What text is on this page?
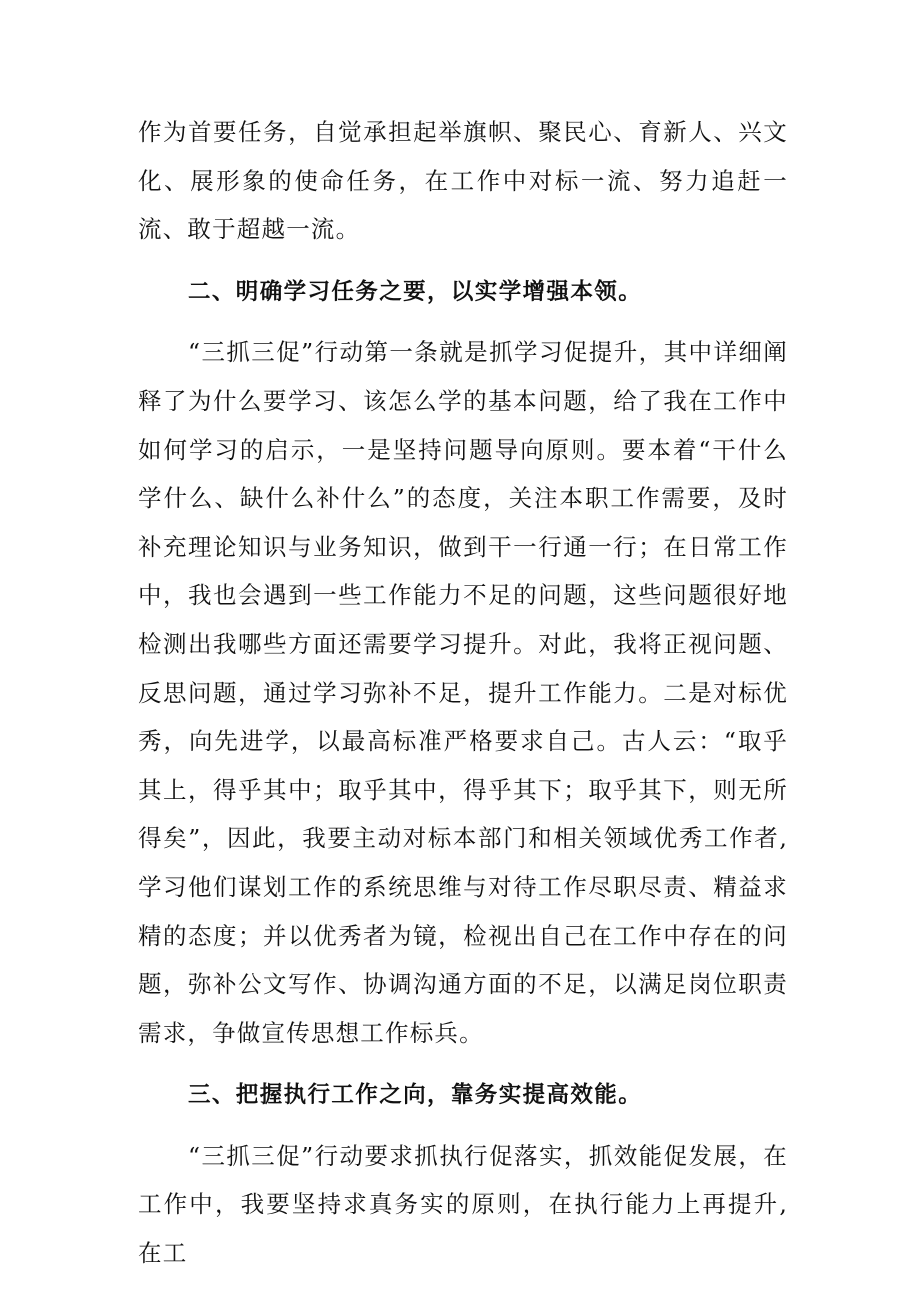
作为首要任务，自觉承担起举旗帜、聚民心、育新人、兴文化、展形象的使命任务，在工作中对标一流、努力追赶一流、敢于超越一流。

二、明确学习任务之要，以实学增强本领。

“三抓三促”行动第一条就是抓学习促提升，其中详细阐释了为什么要学习、该怎么学的基本问题，给了我在工作中如何学习的启示，一是坚持问题导向原则。要本着“干什么学什么、缺什么补什么”的态度，关注本职工作需要，及时补充理论知识与业务知识，做到干一行通一行；在日常工作中，我也会遇到一些工作能力不足的问题，这些问题很好地检测出我哪些方面还需要学习提升。对此，我将正视问题、反思问题，通过学习弥补不足，提升工作能力。二是对标优秀，向先进学，以最高标准严格要求自己。古人云：“取乎其上，得乎其中；取乎其中，得乎其下；取乎其下，则无所得矣”，因此，我要主动对标本部门和相关领域优秀工作者,学习他们谋划工作的系统思维与对待工作尽职尽责、精益求精的态度；并以优秀者为镜，检视出自己在工作中存在的问题，弥补公文写作、协调沟通方面的不足，以满足岗位职责需求，争做宣传思想工作标兵。

三、把握执行工作之向，靠务实提高效能。

“三抓三促”行动要求抓执行促落实，抓效能促发展，在工作中，我要坚持求真务实的原则，在执行能力上再提升,在工
